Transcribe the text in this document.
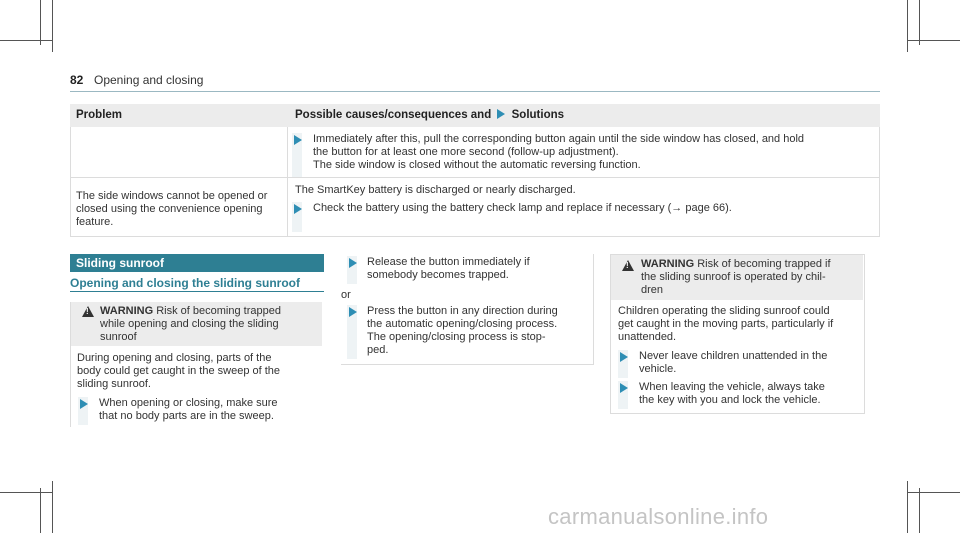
82 Opening and closing
Problem	Possible causes/consequences and Solutions
Immediately after this, pull the corresponding button again until the side window has closed, and hold
the button for at least one more second (follow-up adjustment).
The side window is closed without the automatic reversing function.
The side windows cannot be opened or
closed using the convenience opening
feature.
The SmartKey battery is discharged or nearly discharged.
Check the battery using the battery check lamp and replace if necessary (→ page 66).
Sliding sunroof
Opening and closing the sliding sunroof
!
WARNING Risk of becoming trapped
while opening and closing the sliding
sunroof
During opening and closing, parts of the
body could get caught in the sweep of the
sliding sunroof.
When opening or closing, make sure
that no body parts are in the sweep.
Release the button immediately if
somebody becomes trapped.
or
Press the button in any direction during
the automatic opening/closing process.
The opening/closing process is stop-
ped.
!
WARNING Risk of becoming trapped if
the sliding sunroof is operated by chil-
dren
Children operating the sliding sunroof could
get caught in the moving parts, particularly if
unattended.
Never leave children unattended in the
vehicle.
When leaving the vehicle, always take
the key with you and lock the vehicle.
carmanualsonline.info
